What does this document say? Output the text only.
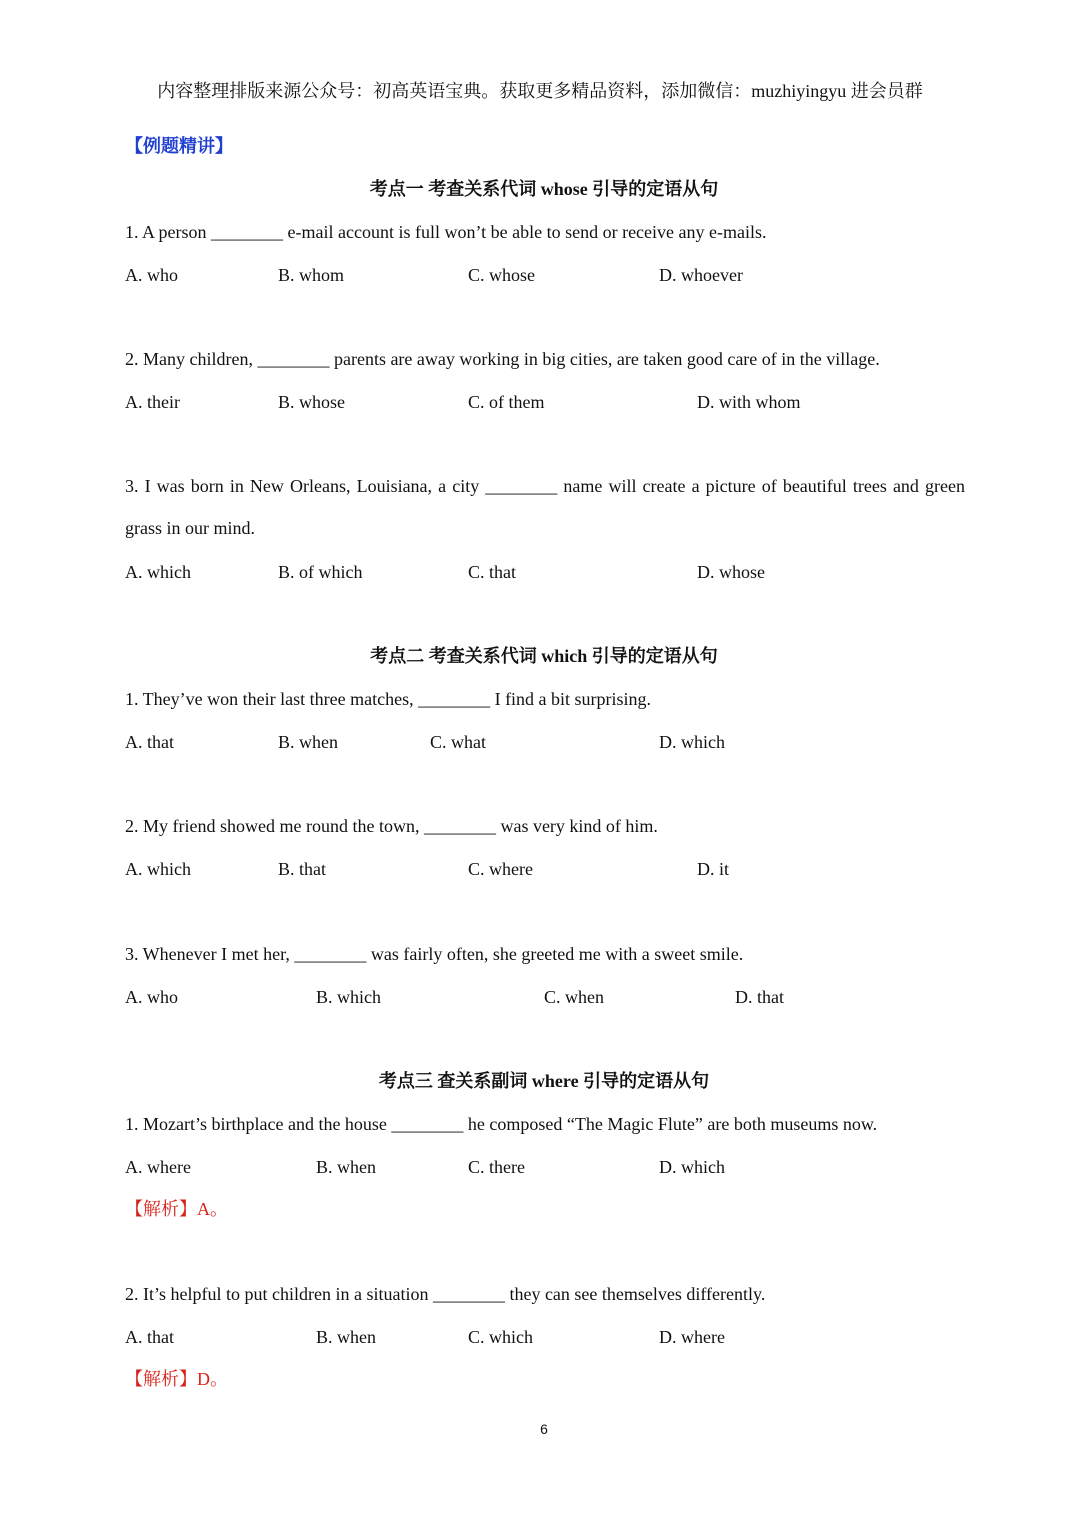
内容整理排版来源公众号：初高英语宝典。获取更多精品资料，添加微信：muzhiyingyu 进会员群
【例题精讲】
考点一 考查关系代词 whose 引导的定语从句
1. A person ________ e-mail account is full won’t be able to send or receive any e-mails.
A. who	B. whom	C. whose	D. whoever
2. Many children, ________ parents are away working in big cities, are taken good care of in the village.
A. their	B. whose	C. of them	D. with whom
3. I was born in New Orleans, Louisiana, a city ________ name will create a picture of beautiful trees and green grass in our mind.
A. which	B. of which	C. that	D. whose
考点二 考查关系代词 which 引导的定语从句
1. They’ve won their last three matches, ________ I find a bit surprising.
A. that	B. when	C. what	D. which
2. My friend showed me round the town, ________ was very kind of him.
A. which	B. that	C. where	D. it
3. Whenever I met her, ________ was fairly often, she greeted me with a sweet smile.
A. who	B. which	C. when	D. that
考点三 查关系副词 where 引导的定语从句
1. Mozart’s birthplace and the house ________ he composed “The Magic Flute” are both museums now.
A. where	B. when	C. there	D. which
【解析】A。
2. It’s helpful to put children in a situation ________ they can see themselves differently.
A. that	B. when	C. which	D. where
【解析】D。
6
